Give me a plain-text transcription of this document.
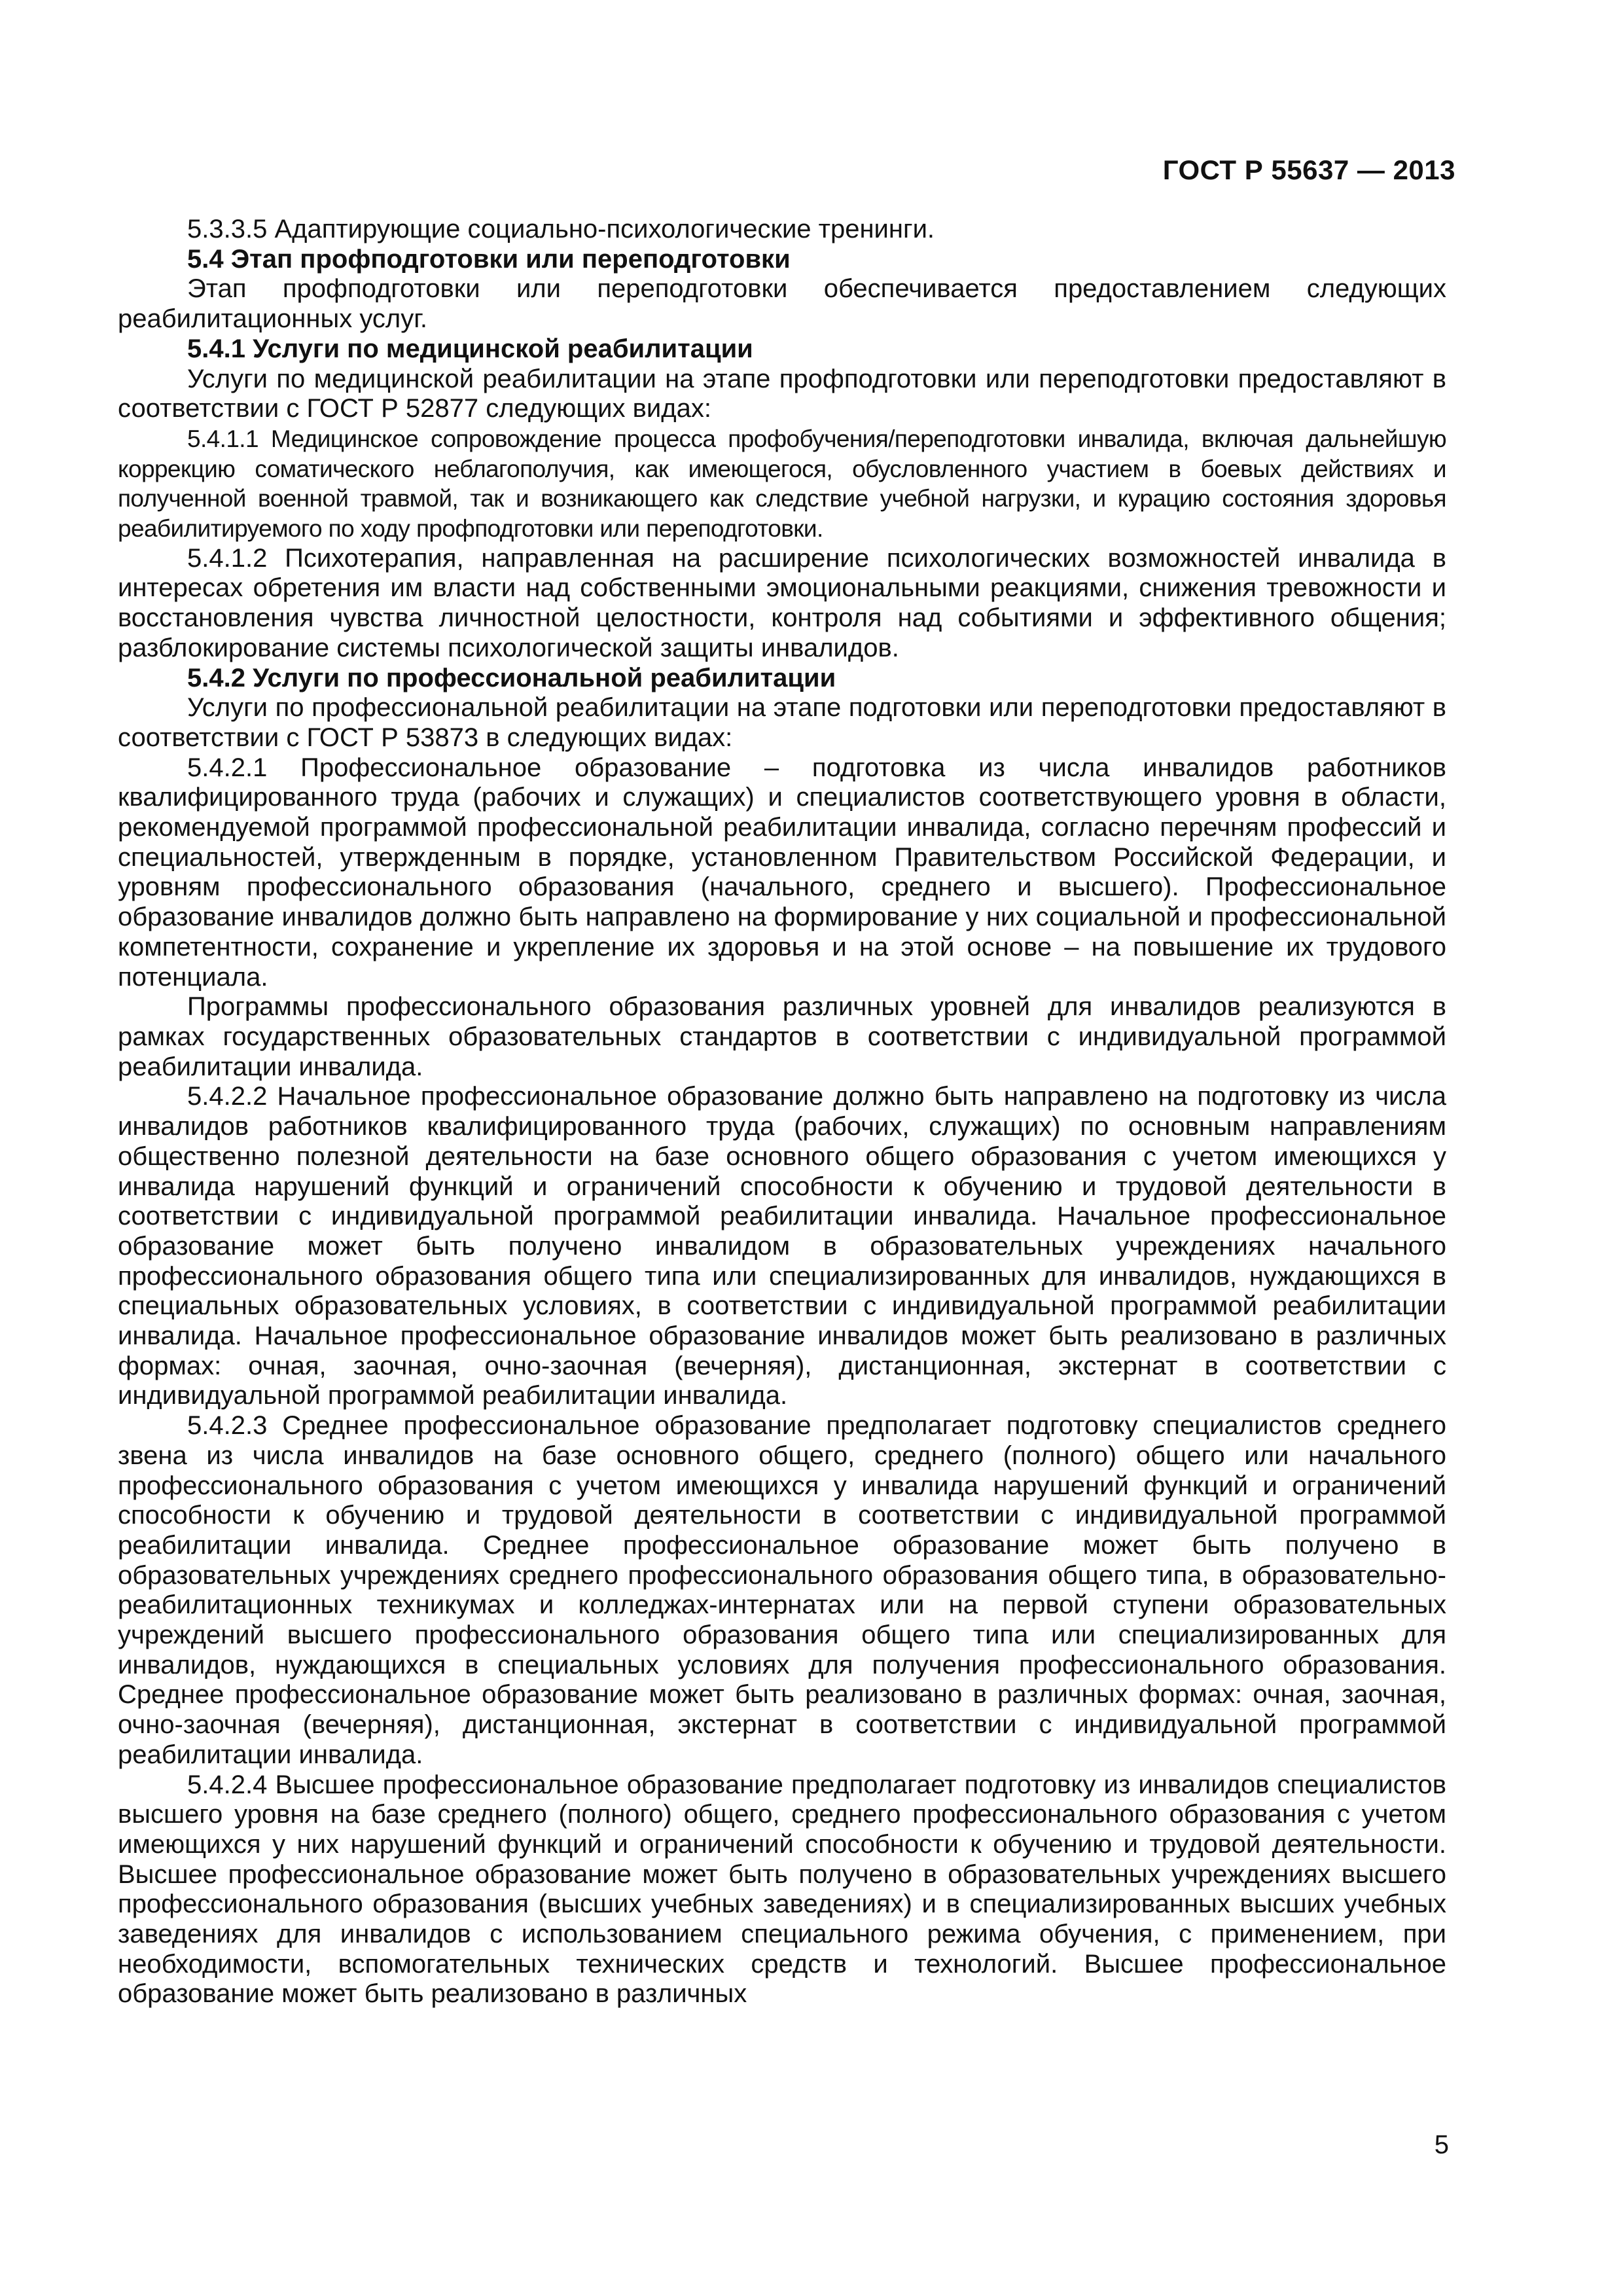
ГОСТ Р 55637 — 2013

5.3.3.5 Адаптирующие социально-психологические тренинги.

5.4 Этап профподготовки или переподготовки

Этап профподготовки или переподготовки обеспечивается предоставлением следующих реабилитационных услуг.

5.4.1 Услуги по медицинской реабилитации

Услуги по медицинской реабилитации на этапе профподготовки или переподготовки предоставляют в соответствии с ГОСТ Р 52877 следующих видах:

5.4.1.1 Медицинское сопровождение процесса профобучения/переподготовки инвалида, включая дальнейшую коррекцию соматического неблагополучия, как имеющегося, обусловленного участием в боевых действиях и полученной военной травмой, так и возникающего как следствие учебной нагрузки, и курацию состояния здоровья реабилитируемого по ходу профподготовки или переподготовки.

5.4.1.2 Психотерапия, направленная на расширение психологических возможностей инвалида в интересах обретения им власти над собственными эмоциональными реакциями, снижения тревожности и восстановления чувства личностной целостности, контроля над событиями и эффективного общения; разблокирование системы психологической защиты инвалидов.

5.4.2 Услуги по профессиональной реабилитации

Услуги по профессиональной реабилитации на этапе подготовки или переподготовки предоставляют в соответствии с ГОСТ Р 53873 в следующих видах:

5.4.2.1 Профессиональное образование – подготовка из числа инвалидов работников квалифицированного труда (рабочих и служащих) и специалистов соответствующего уровня в области, рекомендуемой программой профессиональной реабилитации инвалида, согласно перечням профессий и специальностей, утвержденным в порядке, установленном Правительством Российской Федерации, и уровням профессионального образования (начального, среднего и высшего). Профессиональное образование инвалидов должно быть направлено на формирование у них социальной и профессиональной компетентности, сохранение и укрепление их здоровья и на этой основе – на повышение их трудового потенциала.

Программы профессионального образования различных уровней для инвалидов реализуются в рамках государственных образовательных стандартов в соответствии с индивидуальной программой реабилитации инвалида.

5.4.2.2 Начальное профессиональное образование должно быть направлено на подготовку из числа инвалидов работников квалифицированного труда (рабочих, служащих) по основным направлениям общественно полезной деятельности на базе основного общего образования с учетом имеющихся у инвалида нарушений функций и ограничений способности к обучению и трудовой деятельности в соответствии с индивидуальной программой реабилитации инвалида. Начальное профессиональное образование может быть получено инвалидом в образовательных учреждениях начального профессионального образования общего типа или специализированных для инвалидов, нуждающихся в специальных образовательных условиях, в соответствии с индивидуальной программой реабилитации инвалида. Начальное профессиональное образование инвалидов может быть реализовано в различных формах: очная, заочная, очно-заочная (вечерняя), дистанционная, экстернат в соответствии с индивидуальной программой реабилитации инвалида.

5.4.2.3 Среднее профессиональное образование предполагает подготовку специалистов среднего звена из числа инвалидов на базе основного общего, среднего (полного) общего или начального профессионального образования с учетом имеющихся у инвалида нарушений функций и ограничений способности к обучению и трудовой деятельности в соответствии с индивидуальной программой реабилитации инвалида. Среднее профессиональное образование может быть получено в образовательных учреждениях среднего профессионального образования общего типа, в образовательно-реабилитационных техникумах и колледжах-интернатах или на первой ступени образовательных учреждений высшего профессионального образования общего типа или специализированных для инвалидов, нуждающихся в специальных условиях для получения профессионального образования. Среднее профессиональное образование может быть реализовано в различных формах: очная, заочная, очно-заочная (вечерняя), дистанционная, экстернат в соответствии с индивидуальной программой реабилитации инвалида.

5.4.2.4 Высшее профессиональное образование предполагает подготовку из инвалидов специалистов высшего уровня на базе среднего (полного) общего, среднего профессионального образования с учетом имеющихся у них нарушений функций и ограничений способности к обучению и трудовой деятельности. Высшее профессиональное образование может быть получено в образовательных учреждениях высшего профессионального образования (высших учебных заведениях) и в специализированных высших учебных заведениях для инвалидов с использованием специального режима обучения, с применением, при необходимости, вспомогательных технических средств и технологий. Высшее профессиональное образование может быть реализовано в различных

5
